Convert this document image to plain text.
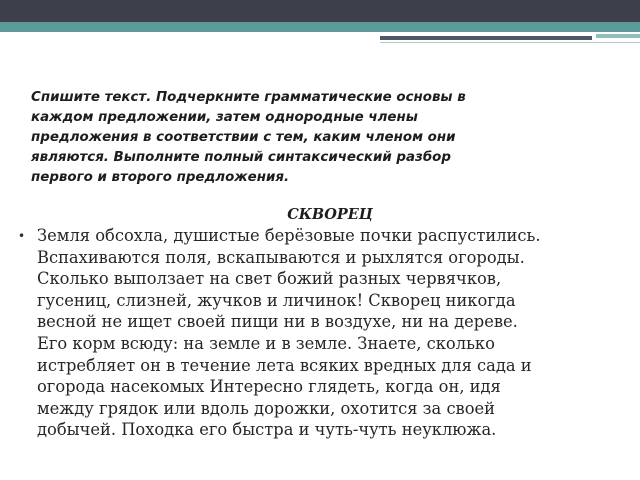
Спишите текст. Подчеркните грамматические основы в
каждом предложении, затем однородные члены
предложения в соответствии с тем, каким членом они
являются. Выполните полный синтаксический разбор
первого и второго предложения.

СКВОРЕЦ

• Земля обсохла, душистые берёзовые почки распустились.
Вспахиваются поля, вскапываются и рыхлятся огороды.
Сколько выползает на свет божий разных червячков,
гусениц, слизней, жучков и личинок! Скворец никогда
весной не ищет своей пищи ни в воздухе, ни на дереве.
Его корм всюду: на земле и в земле. Знаете, сколько
истребляет он в течение лета всяких вредных для сада и
огорода насекомых Интересно глядеть, когда он, идя
между грядок или вдоль дорожки, охотится за своей
добычей. Походка его быстра и чуть-чуть неуклюжа.
